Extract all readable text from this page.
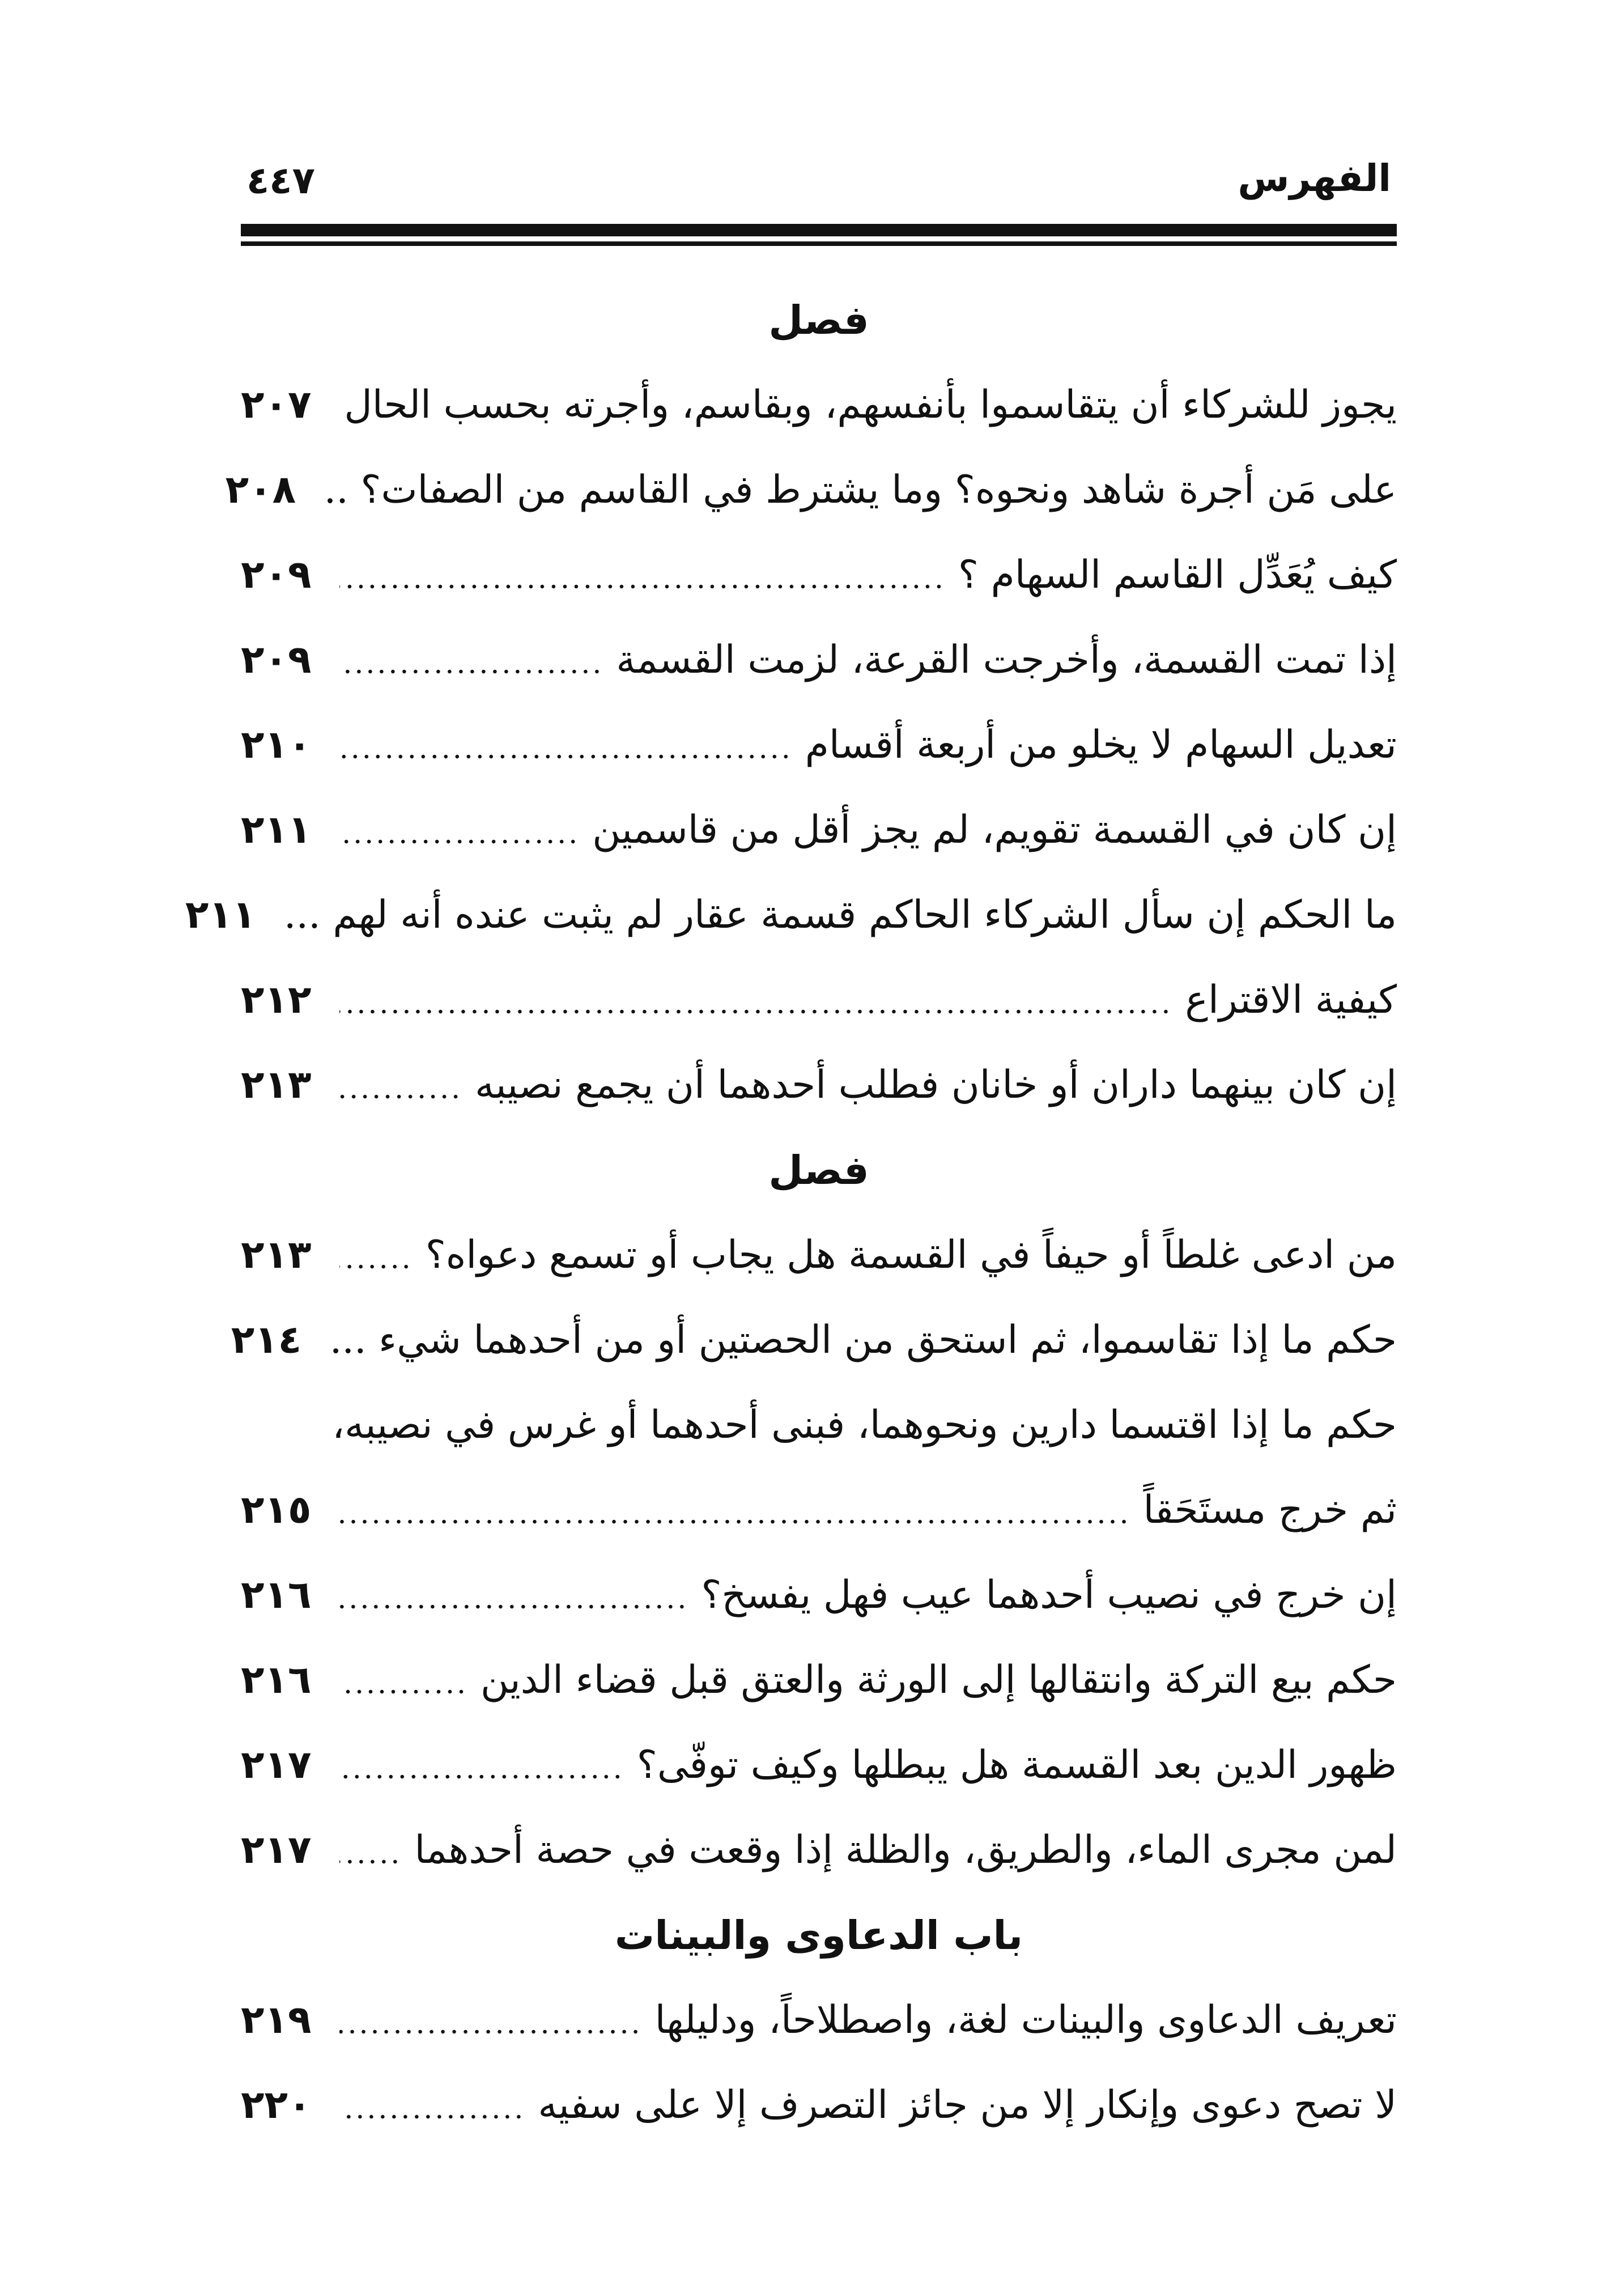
٤٤٧	الفهرس
فصل
يجوز للشركاء أن يتقاسموا بأنفسهم، وبقاسم، وأجرته بحسب الحال
٢٠٧
على مَن أجرة شاهد ونحوه؟ وما يشترط في القاسم من الصفات؟ ..
٢٠٨
كيف يُعَدِّل القاسم السهام ؟
٢٠٩
إذا تمت القسمة، وأخرجت القرعة، لزمت القسمة
٢٠٩
تعديل السهام لا يخلو من أربعة أقسام
٢١٠
إن كان في القسمة تقويم، لم يجز أقل من قاسمين
٢١١
ما الحكم إن سأل الشركاء الحاكم قسمة عقار لم يثبت عنده أنه لهم ...
٢١١
كيفية الاقتراع
٢١٢
إن كان بينهما داران أو خانان فطلب أحدهما أن يجمع نصيبه
٢١٣
فصل
من ادعى غلطاً أو حيفاً في القسمة هل يجاب أو تسمع دعواه؟
٢١٣
حكم ما إذا تقاسموا، ثم استحق من الحصتين أو من أحدهما شيء ...
٢١٤
حكم ما إذا اقتسما دارين ونحوهما، فبنى أحدهما أو غرس في نصيبه،
ثم خرج مستَحَقاً
٢١٥
إن خرج في نصيب أحدهما عيب فهل يفسخ؟
٢١٦
حكم بيع التركة وانتقالها إلى الورثة والعتق قبل قضاء الدين
٢١٦
ظهور الدين بعد القسمة هل يبطلها وكيف توفّى؟
٢١٧
لمن مجرى الماء، والطريق، والظلة إذا وقعت في حصة أحدهما
٢١٧
باب الدعاوى والبينات
تعريف الدعاوى والبينات لغة، واصطلاحاً، ودليلها
٢١٩
لا تصح دعوى وإنكار إلا من جائز التصرف إلا على سفيه
٢٢٠
